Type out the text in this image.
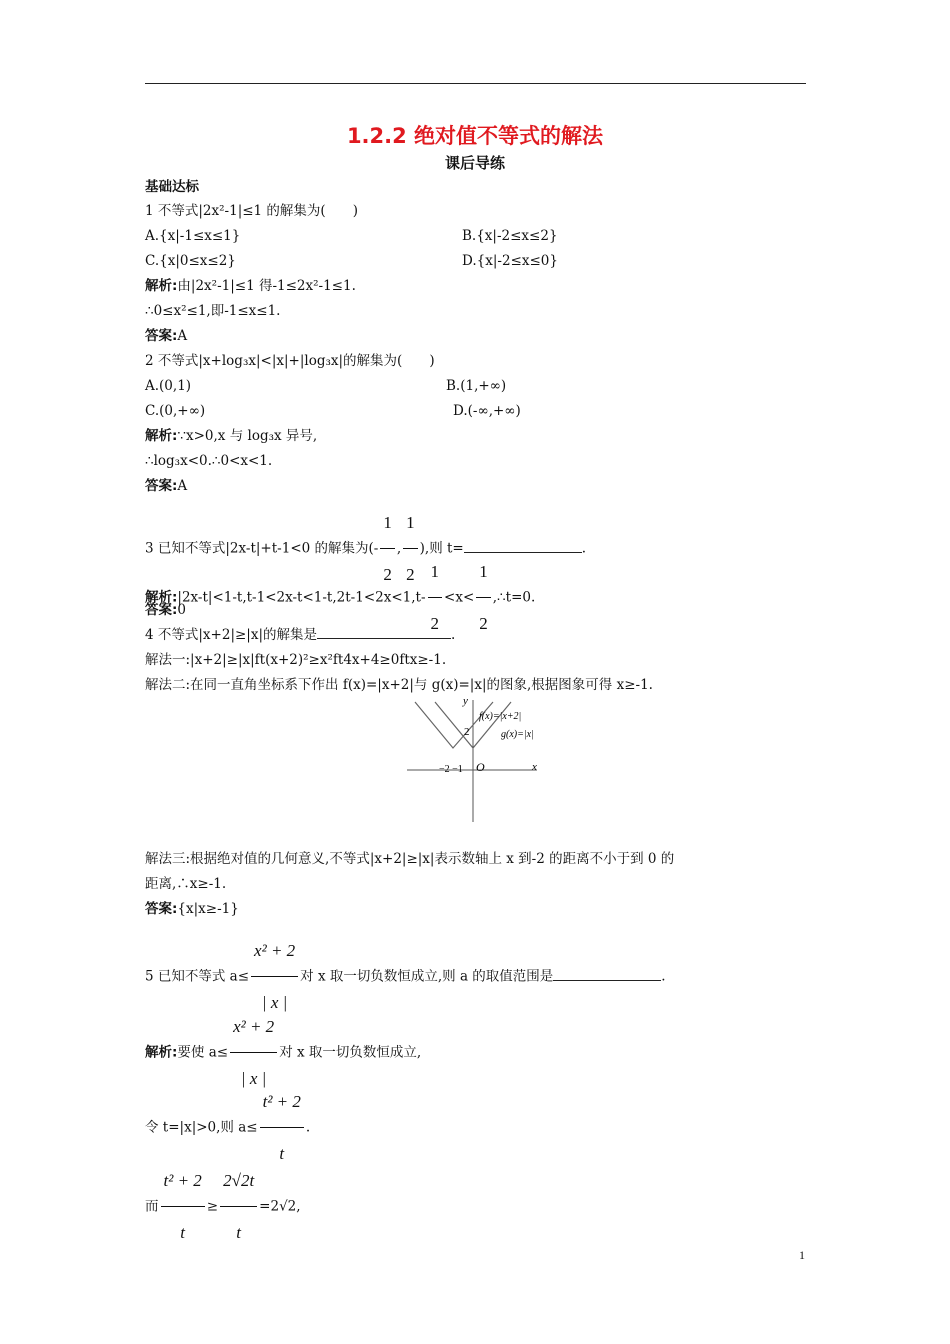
1.2.2 绝对值不等式的解法
课后导练
基础达标
1 不等式|2x²-1|≤1 的解集为(　　)
A.{x|-1≤x≤1}	B.{x|-2≤x≤2}
C.{x|0≤x≤2}	D.{x|-2≤x≤0}
解析:由|2x²-1|≤1 得-1≤2x²-1≤1.
∴0≤x²≤1,即-1≤x≤1.
答案:A
2 不等式|x+log₃x|<|x|+|log₃x|的解集为(　　)
A.(0,1)	B.(1,+∞)
C.(0,+∞)	D.(-∞,+∞)
解析:∵x>0,x 与 log₃x 异号,
∴log₃x<0.∴0<x<1.
答案:A
3 已知不等式|2x-t|+t-1<0 的解集为(- $\frac{1}{2}$ , $\frac{1}{2}$ ),则 t=	.
解析:|2x-t|<1-t,t-1<2x-t<1-t,2t-1<2x<1,t- $\frac{1}{2} <x< \frac{1}{2}$ ,∴t=0.
答案:0
4 不等式|x+2|≥|x|的解集是	.
解法一:|x+2|≥|x|ft(x+2)²≥x²ft4x+4≥0ftx≥-1.
解法二:在同一直角坐标系下作出 f(x)=|x+2|与 g(x)=|x|的图象,根据图象可得 x≥-1.
y
x
O
f(x)=|x+2|
g(x)=|x|
2
−2 −1
解法三:根据绝对值的几何意义,不等式|x+2|≥|x|表示数轴上 x 到-2 的距离不小于到 0 的
距离,∴x≥-1.
答案:{x|x≥-1}
5 已知不等式 $a\le \frac{\text{x² + 2}}{| x |}$ 对 x 取一切负数恒成立,则 a 的取值范围是	.
解析:要使 $a\le \frac{\text{x² + 2}}{| x |}$ 对 x 取一切负数恒成立,
令 t=|x|>0,则 $a\le \frac{\text{t² + 2}}{t}$ .
而 $\frac{\text{t² + 2}}{t} \ge \frac{2√2t}{t} =2√2$,
1
